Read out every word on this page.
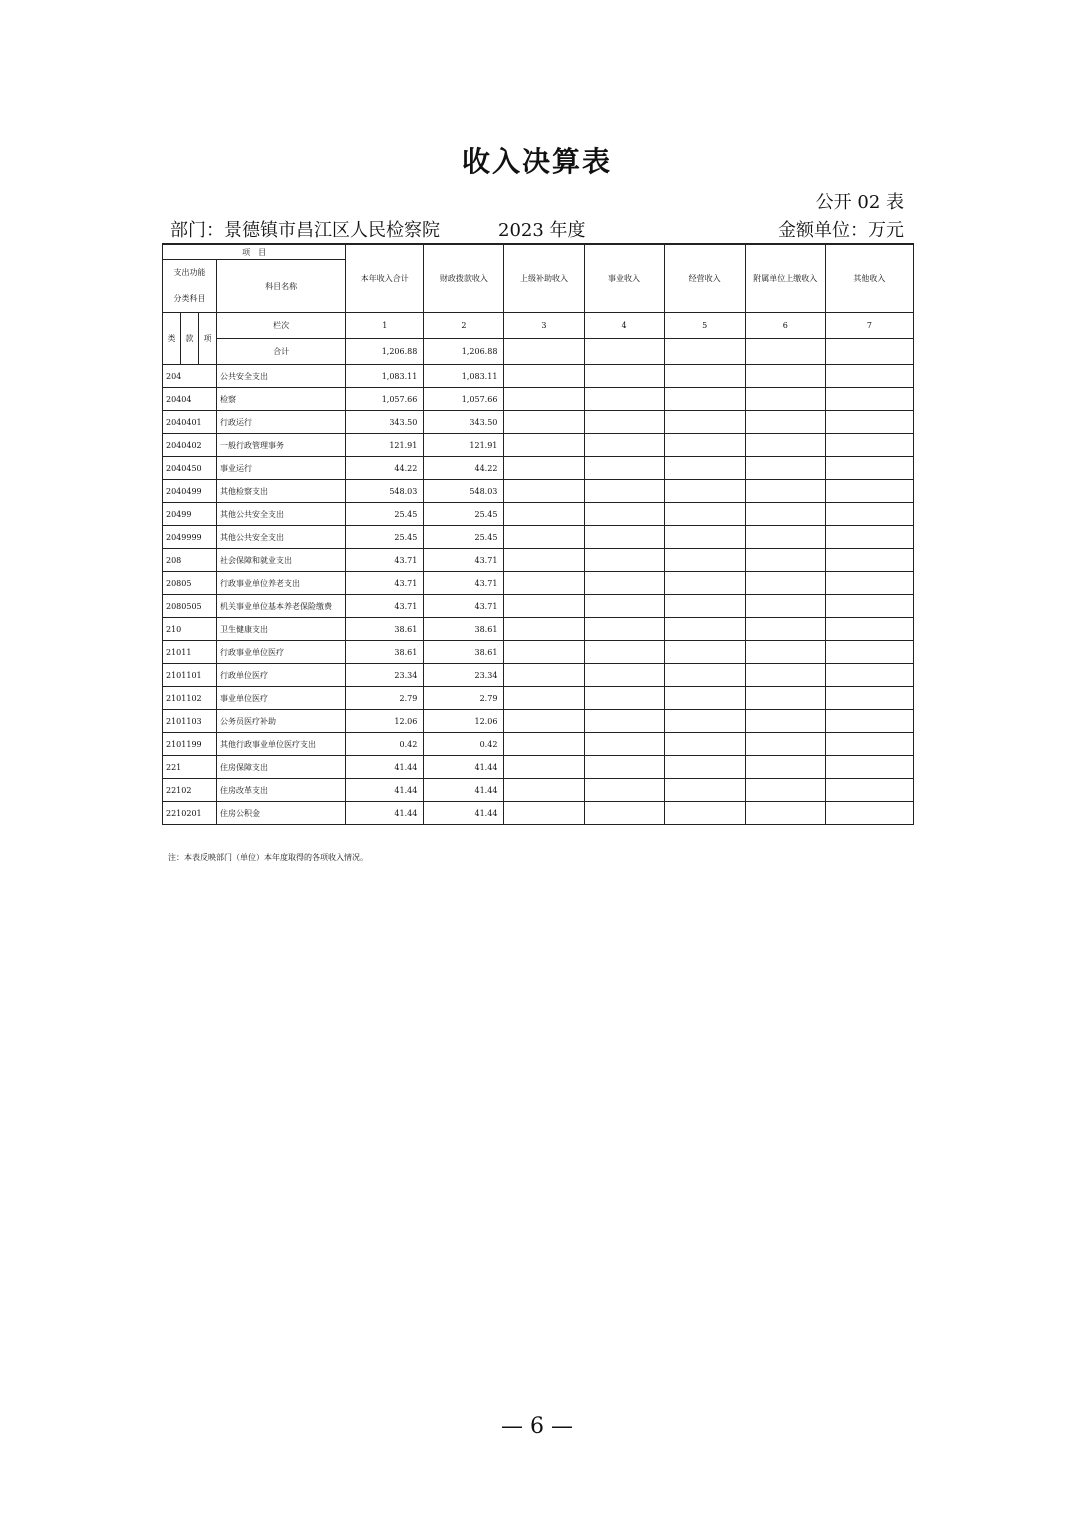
收入决算表
公开 02 表
部门：景德镇市昌江区人民检察院	2023 年度	金额单位：万元
项　目				本年收入合计	财政拨款收入	上级补助收入	事业收入	经营收入	附属单位上缴收入	其他收入

支出功能
分类科目			科目名称							
类	款	项	栏次	1	2	3	4	5	6	7
			合计	1,206.88	1,206.88					
204			公共安全支出	1,083.11	1,083.11					
20404			检察	1,057.66	1,057.66					
2040401			行政运行	343.50	343.50					
2040402			一般行政管理事务	121.91	121.91					
2040450			事业运行	44.22	44.22					
2040499			其他检察支出	548.03	548.03					
20499			其他公共安全支出	25.45	25.45					
2049999			其他公共安全支出	25.45	25.45					
208			社会保障和就业支出	43.71	43.71					
20805			行政事业单位养老支出	43.71	43.71					
2080505			机关事业单位基本养老保险缴费	43.71	43.71					
210			卫生健康支出	38.61	38.61					
21011			行政事业单位医疗	38.61	38.61					
2101101			行政单位医疗	23.34	23.34					
2101102			事业单位医疗	2.79	2.79					
2101103			公务员医疗补助	12.06	12.06					
2101199			其他行政事业单位医疗支出	0.42	0.42					
221			住房保障支出	41.44	41.44					
22102			住房改革支出	41.44	41.44					
2210201			住房公积金	41.44	41.44					
注：本表反映部门（单位）本年度取得的各项收入情况。
— 6 —
